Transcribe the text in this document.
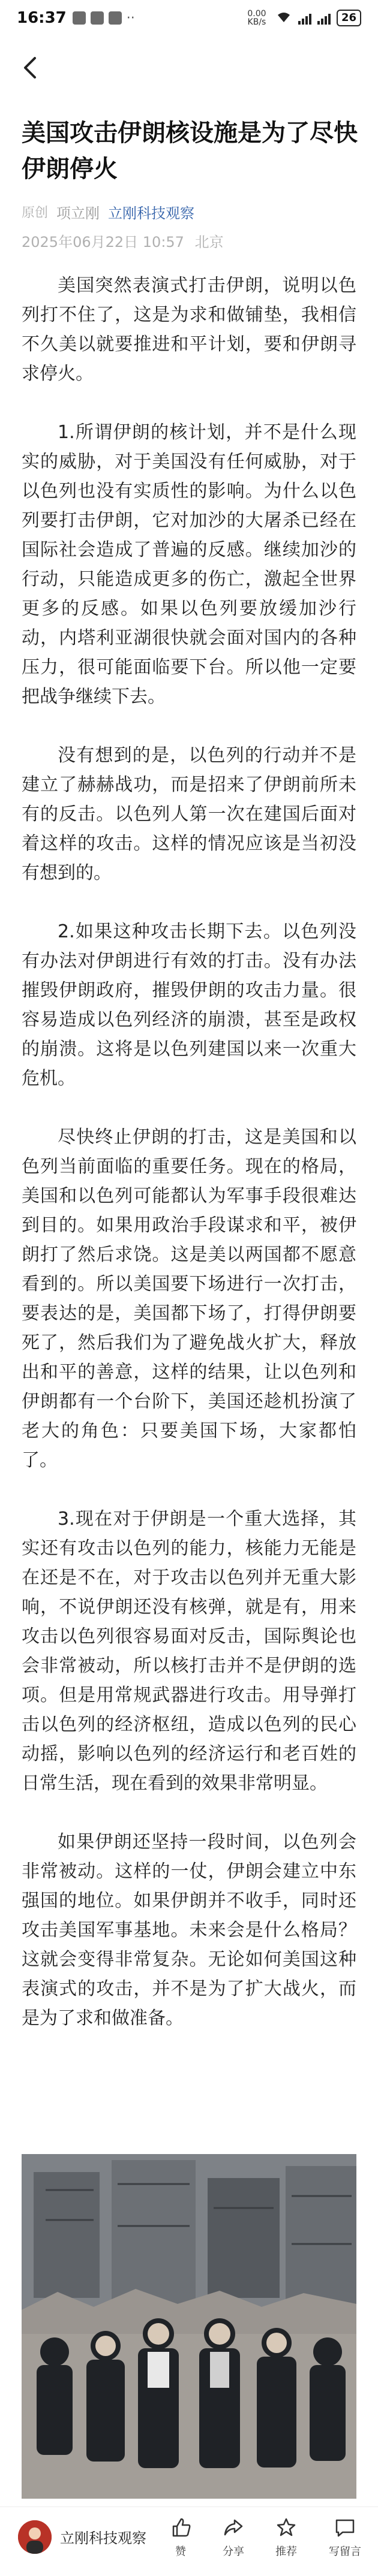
16:37	··	0.00
KB/s	26
美国攻击伊朗核设施是为了尽快伊朗停火
原创 项立刚 立刚科技观察
2025年06月22日 10:57 北京

美国突然表演式打击伊朗，说明以色列打不住了，这是为求和做铺垫，我相信不久美以就要推进和平计划，要和伊朗寻求停火。

1.所谓伊朗的核计划，并不是什么现实的威胁，对于美国没有任何威胁，对于以色列也没有实质性的影响。为什么以色列要打击伊朗，它对加沙的大屠杀已经在国际社会造成了普遍的反感。继续加沙的行动，只能造成更多的伤亡，激起全世界更多的反感。如果以色列要放缓加沙行动，内塔利亚湖很快就会面对国内的各种压力，很可能面临要下台。所以他一定要把战争继续下去。

没有想到的是，以色列的行动并不是建立了赫赫战功，而是招来了伊朗前所未有的反击。以色列人第一次在建国后面对着这样的攻击。这样的情况应该是当初没有想到的。

2.如果这种攻击长期下去。以色列没有办法对伊朗进行有效的打击。没有办法摧毁伊朗政府，摧毁伊朗的攻击力量。很容易造成以色列经济的崩溃，甚至是政权的崩溃。这将是以色列建国以来一次重大危机。

尽快终止伊朗的打击，这是美国和以色列当前面临的重要任务。现在的格局，美国和以色列可能都认为军事手段很难达到目的。如果用政治手段谋求和平，被伊朗打了然后求饶。这是美以两国都不愿意看到的。所以美国要下场进行一次打击，要表达的是，美国都下场了，打得伊朗要死了，然后我们为了避免战火扩大，释放出和平的善意，这样的结果，让以色列和伊朗都有一个台阶下，美国还趁机扮演了老大的角色：只要美国下场，大家都怕了。

3.现在对于伊朗是一个重大选择，其实还有攻击以色列的能力，核能力无能是在还是不在，对于攻击以色列并无重大影响，不说伊朗还没有核弹，就是有，用来攻击以色列很容易面对反击，国际舆论也会非常被动，所以核打击并不是伊朗的选项。但是用常规武器进行攻击。用导弹打击以色列的经济枢纽，造成以色列的民心动摇，影响以色列的经济运行和老百姓的日常生活，现在看到的效果非常明显。

如果伊朗还坚持一段时间，以色列会非常被动。这样的一仗，伊朗会建立中东强国的地位。如果伊朗并不收手，同时还攻击美国军事基地。未来会是什么格局？这就会变得非常复杂。无论如何美国这种表演式的攻击，并不是为了扩大战火，而是为了求和做准备。

立刚科技观察
赞	分享	推荐	写留言
